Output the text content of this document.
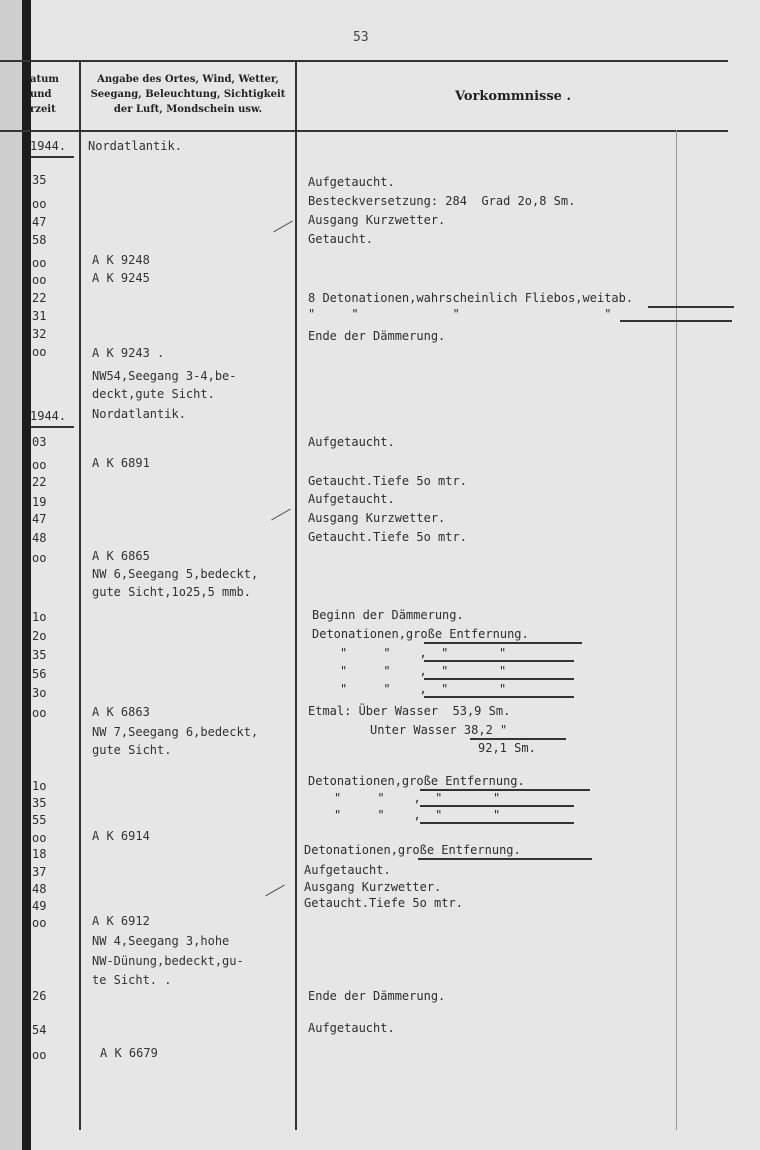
53
atum
und
rzeit
Angabe des Ortes, Wind, Wetter,
Seegang, Beleuchtung, Sichtigkeit
der Luft, Mondschein usw.
Vorkommnisse .
1944.
1944.
35
oo
47
58
oo
oo
22
31
32
oo
03
oo
22
19
47
48
oo
1o
2o
35
56
3o
oo
1o
35
55
oo
18
37
48
49
oo
26
54
oo
Nordatlantik.
A K 9248
A K 9245
A K 9243 .
NW54,Seegang 3-4,be-
deckt,gute Sicht.
Nordatlantik.
A K 6891
A K 6865
NW 6,Seegang 5,bedeckt,
gute Sicht,1o25,5 mmb.
A K 6863
NW 7,Seegang 6,bedeckt,
gute Sicht.
A K 6914
A K 6912
NW 4,Seegang 3,hohe
NW-Dünung,bedeckt,gu-
te Sicht. .
A K 6679
Aufgetaucht.
Besteckversetzung: 284  Grad 2o,8 Sm.
Ausgang Kurzwetter.
Getaucht.
8 Detonationen,wahrscheinlich Fliebos,weitab.
"     "             "                    "
Ende der Dämmerung.
Aufgetaucht.
Getaucht.Tiefe 5o mtr.
Aufgetaucht.
Ausgang Kurzwetter.
Getaucht.Tiefe 5o mtr.
Beginn der Dämmerung.
Detonationen,große Entfernung.
"     "    ,  "       "
"     "    ,  "       "
"     "    ,  "       "
Etmal: Über Wasser  53,9 Sm.
Unter Wasser 38,2 "
92,1 Sm.
Detonationen,große Entfernung.
"     "    ,  "       "
"     "    ,  "       "
Detonationen,große Entfernung.
Aufgetaucht.
Ausgang Kurzwetter.
Getaucht.Tiefe 5o mtr.
Ende der Dämmerung.
Aufgetaucht.
